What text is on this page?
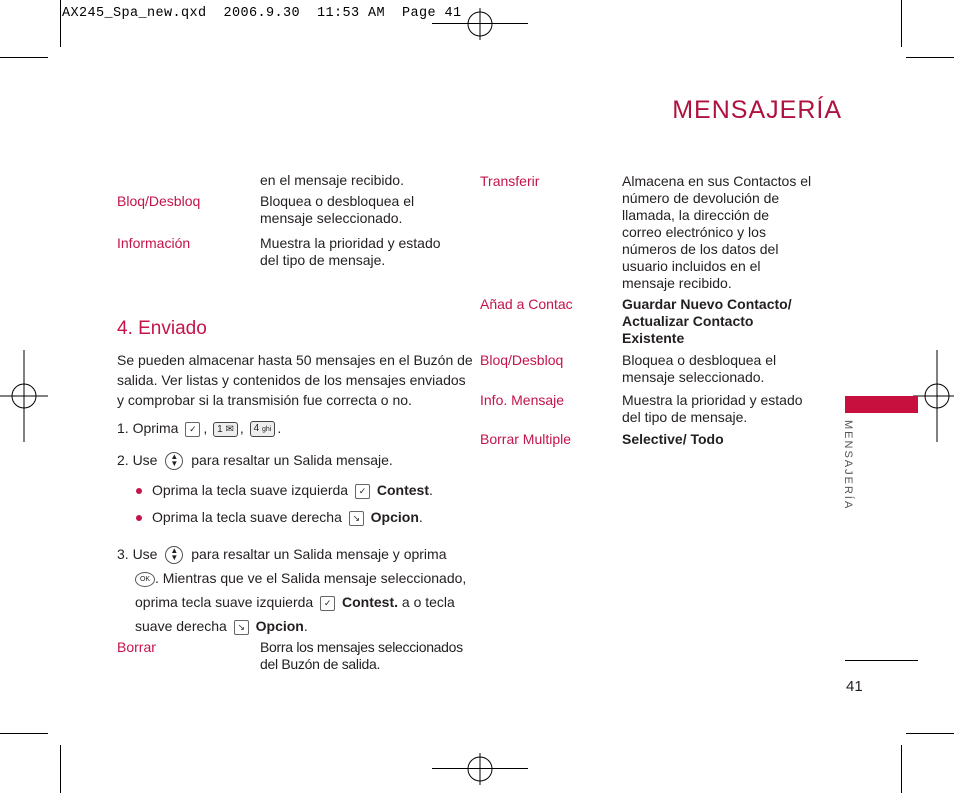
AX245_Spa_new.qxd  2006.9.30  11:53 AM  Page 41
MENSAJERÍA
MENSAJERÍA
41
en el mensaje recibido.
Bloq/Desbloq	Bloquea o desbloquea el
mensaje seleccionado.
Información	Muestra la prioridad y estado
del tipo de mensaje.
4. Enviado
Se pueden almacenar hasta 50 mensajes en el Buzón de
salida. Ver listas y contenidos de los mensajes enviados
y comprobar si la transmisión fue correcta o no.
1. Oprima ✓ , 1 ✉ , 4 ghi .
2. Use ▲
▼ para resaltar un Salida mensaje.
Oprima la tecla suave izquierda ✓ Contest.
Oprima la tecla suave derecha ↘ Opcion.
3. Use ▲
▼ para resaltar un Salida mensaje y oprima
OK . Mientras que ve el Salida mensaje seleccionado,
oprima tecla suave izquierda ✓ Contest. a o tecla
suave derecha ↘ Opcion.
Borrar	Borra los mensajes seleccionados
del Buzón de salida.
Transferir	Almacena en sus Contactos el
número de devolución de
llamada, la dirección de
correo electrónico y los
números de los datos del
usuario incluidos en el
mensaje recibido.
Añad a Contac	Guardar Nuevo Contacto/
Actualizar Contacto
Existente
Bloq/Desbloq	Bloquea o desbloquea el
mensaje seleccionado.
Info. Mensaje	Muestra la prioridad y estado
del tipo de mensaje.
Borrar Multiple	Selective/ Todo
